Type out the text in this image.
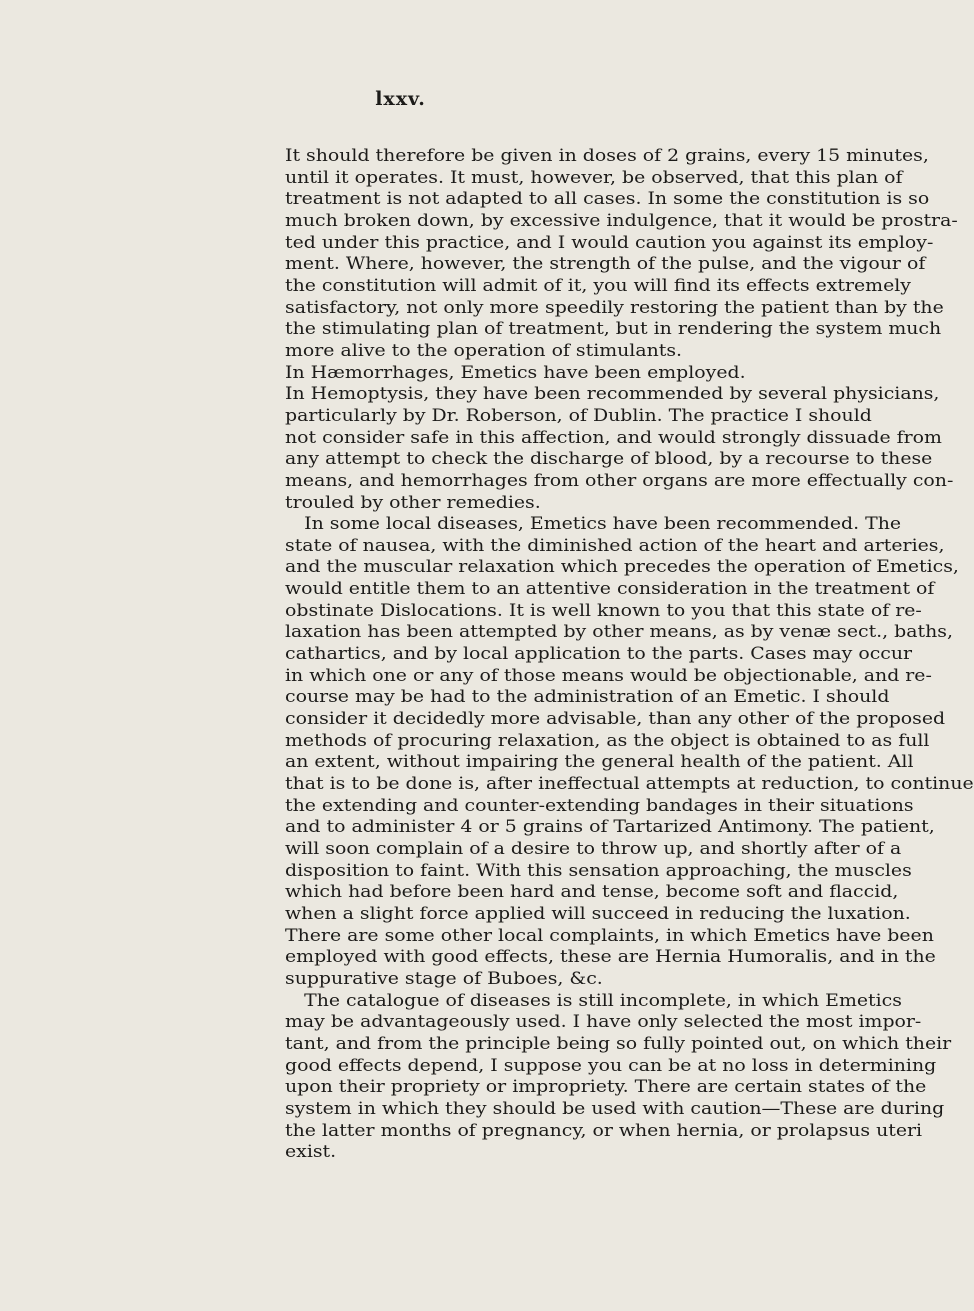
lxxv.
It should therefore be given in doses of 2 grains, every 15 minutes,
until it operates. It must, however, be observed, that this plan of
treatment is not adapted to all cases. In some the constitution is so
much broken down, by excessive indulgence, that it would be prostra-
ted under this practice, and I would caution you against its employ-
ment. Where, however, the strength of the pulse, and the vigour of
the constitution will admit of it, you will find its effects extremely
satisfactory, not only more speedily restoring the patient than by the
the stimulating plan of treatment, but in rendering the system much
more alive to the operation of stimulants.
In Hæmorrhages, Emetics have been employed.
In Hemoptysis, they have been recommended by several physicians,
particularly by Dr. Roberson, of Dublin. The practice I should
not consider safe in this affection, and would strongly dissuade from
any attempt to check the discharge of blood, by a recourse to these
means, and hemorrhages from other organs are more effectually con-
trouled by other remedies.
In some local diseases, Emetics have been recommended. The
state of nausea, with the diminished action of the heart and arteries,
and the muscular relaxation which precedes the operation of Emetics,
would entitle them to an attentive consideration in the treatment of
obstinate Dislocations. It is well known to you that this state of re-
laxation has been attempted by other means, as by venæ sect., baths,
cathartics, and by local application to the parts. Cases may occur
in which one or any of those means would be objectionable, and re-
course may be had to the administration of an Emetic. I should
consider it decidedly more advisable, than any other of the proposed
methods of procuring relaxation, as the object is obtained to as full
an extent, without impairing the general health of the patient. All
that is to be done is, after ineffectual attempts at reduction, to continue
the extending and counter-extending bandages in their situations
and to administer 4 or 5 grains of Tartarized Antimony. The patient,
will soon complain of a desire to throw up, and shortly after of a
disposition to faint. With this sensation approaching, the muscles
which had before been hard and tense, become soft and flaccid,
when a slight force applied will succeed in reducing the luxation.
There are some other local complaints, in which Emetics have been
employed with good effects, these are Hernia Humoralis, and in the
suppurative stage of Buboes, &c.
The catalogue of diseases is still incomplete, in which Emetics
may be advantageously used. I have only selected the most impor-
tant, and from the principle being so fully pointed out, on which their
good effects depend, I suppose you can be at no loss in determining
upon their propriety or impropriety. There are certain states of the
system in which they should be used with caution—These are during
the latter months of pregnancy, or when hernia, or prolapsus uteri
exist.
